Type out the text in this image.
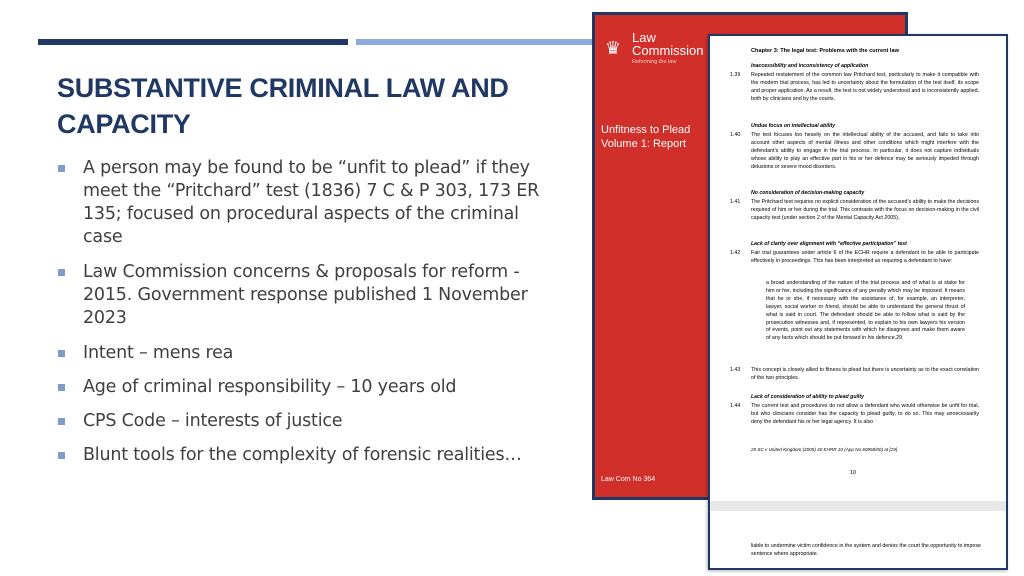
SUBSTANTIVE CRIMINAL LAW AND CAPACITY
A person may be found to be “unfit to plead” if they meet the “Pritchard” test (1836) 7 C & P 303, 173 ER 135; focused on procedural aspects of the criminal case
Law Commission concerns & proposals for reform - 2015. Government response published 1 November 2023
Intent – mens rea
Age of criminal responsibility – 10 years old
CPS Code – interests of justice
Blunt tools for the complexity of forensic realities…
♛
Law
Commission
Reforming the law
Unfitness to Plead
Volume 1: Report
Law Com No 364
Chapter 3: The legal test: Problems with the current law
Inaccessibility and inconsistency of application
1.39 Repeated restatement of the common law Pritchard test, particularly to make it compatible with the modern trial process, has led to uncertainty about the formulation of the test itself, its scope and proper application. As a result, the test is not widely understood and is inconsistently applied, both by clinicians and by the courts.
Undue focus on intellectual ability
1.40 The test focuses too heavily on the intellectual ability of the accused, and fails to take into account other aspects of mental illness and other conditions which might interfere with the defendant’s ability to engage in the trial process. In particular, it does not capture individuals whose ability to play an effective part in his or her defence may be seriously impeded through delusions or severe mood disorders.
No consideration of decision-making capacity
1.41 The Pritchard test requires no explicit consideration of the accused’s ability to make the decisions required of him or her during the trial. This contrasts with the focus on decision-making in the civil capacity test (under section 2 of the Mental Capacity Act 2005).
Lack of clarity over alignment with “effective participation” test
1.42 Fair trial guarantees under article 6 of the ECHR require a defendant to be able to participate effectively in proceedings. This has been interpreted as requiring a defendant to have:
a broad understanding of the nature of the trial process and of what is at stake for him or her, including the significance of any penalty which may be imposed. It means that he or she, if necessary with the assistance of, for example, an interpreter, lawyer, social worker or friend, should be able to understand the general thrust of what is said in court. The defendant should be able to follow what is said by the prosecution witnesses and, if represented, to explain to his own lawyers his version of events, point out any statements with which he disagrees and make them aware of any facts which should be put forward in his defence.29
1.43 This concept is closely allied to fitness to plead but there is uncertainty as to the exact correlation of the two principles.
Lack of consideration of ability to plead guilty
1.44 The current test and procedures do not allow a defendant who would otherwise be unfit for trial, but who clinicians consider has the capacity to plead guilty, to do so. This may unnecessarily deny the defendant his or her legal agency. It is also
29 SC v United Kingdom (2005) 40 EHRR 10 (App No 60958/00) at [29].
10
liable to undermine victim confidence in the system and denies the court the opportunity to impose sentence where appropriate.
